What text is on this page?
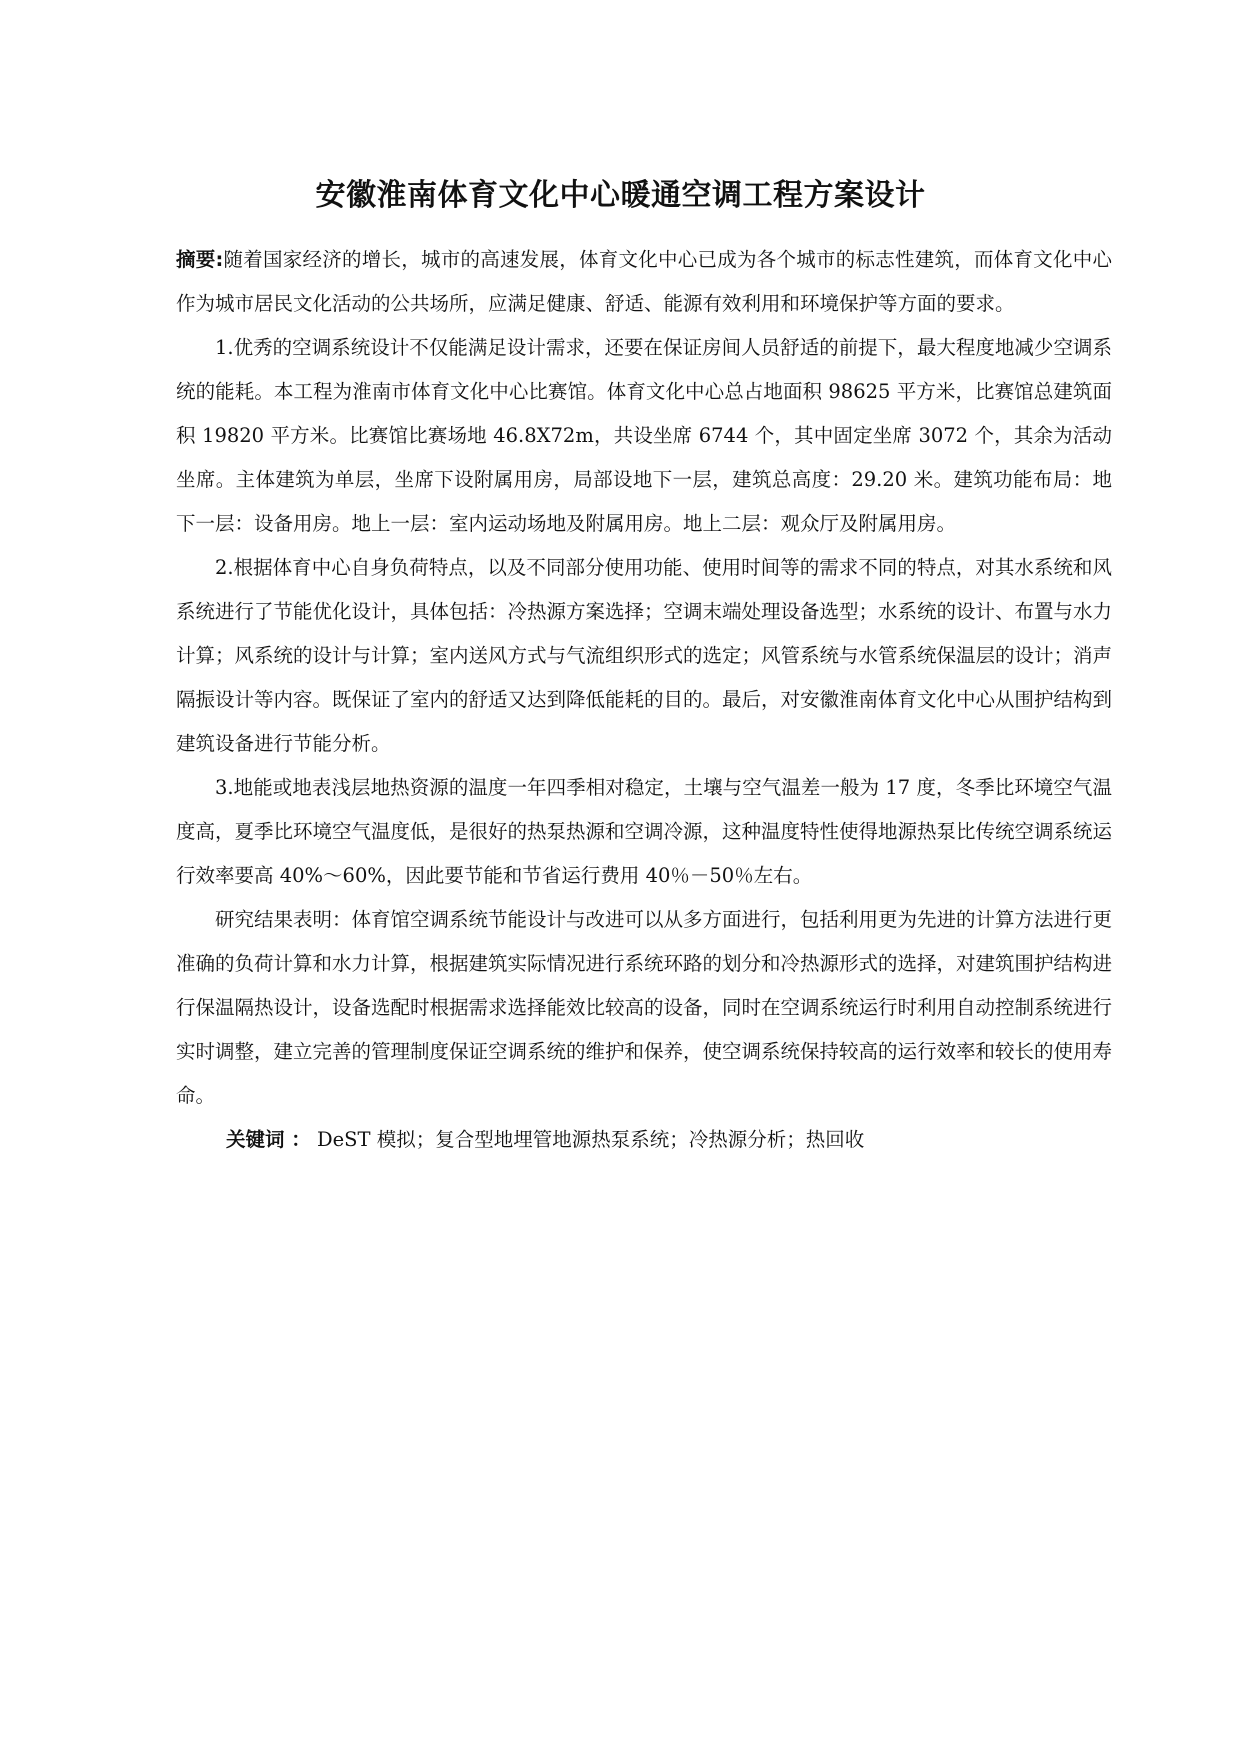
安徽淮南体育文化中心暖通空调工程方案设计

摘要:随着国家经济的增长，城市的高速发展，体育文化中心已成为各个城市的标志性建筑，而体育文化中心作为城市居民文化活动的公共场所，应满足健康、舒适、能源有效利用和环境保护等方面的要求。

1.优秀的空调系统设计不仅能满足设计需求，还要在保证房间人员舒适的前提下，最大程度地减少空调系统的能耗。本工程为淮南市体育文化中心比赛馆。体育文化中心总占地面积 98625 平方米，比赛馆总建筑面积 19820 平方米。比赛馆比赛场地 46.8X72m，共设坐席 6744 个，其中固定坐席 3072 个，其余为活动坐席。主体建筑为单层，坐席下设附属用房，局部设地下一层，建筑总高度：29.20 米。建筑功能布局：地下一层：设备用房。地上一层：室内运动场地及附属用房。地上二层：观众厅及附属用房。

2.根据体育中心自身负荷特点，以及不同部分使用功能、使用时间等的需求不同的特点，对其水系统和风系统进行了节能优化设计，具体包括：冷热源方案选择；空调末端处理设备选型；水系统的设计、布置与水力计算；风系统的设计与计算；室内送风方式与气流组织形式的选定；风管系统与水管系统保温层的设计；消声隔振设计等内容。既保证了室内的舒适又达到降低能耗的目的。最后，对安徽淮南体育文化中心从围护结构到建筑设备进行节能分析。

3.地能或地表浅层地热资源的温度一年四季相对稳定，土壤与空气温差一般为 17 度，冬季比环境空气温度高，夏季比环境空气温度低，是很好的热泵热源和空调冷源，这种温度特性使得地源热泵比传统空调系统运行效率要高 40%～60%，因此要节能和节省运行费用 40％－50％左右。

研究结果表明：体育馆空调系统节能设计与改进可以从多方面进行，包括利用更为先进的计算方法进行更准确的负荷计算和水力计算，根据建筑实际情况进行系统环路的划分和冷热源形式的选择，对建筑围护结构进行保温隔热设计，设备选配时根据需求选择能效比较高的设备，同时在空调系统运行时利用自动控制系统进行实时调整，建立完善的管理制度保证空调系统的维护和保养，使空调系统保持较高的运行效率和较长的使用寿命。

关键词 ： DeST 模拟；复合型地埋管地源热泵系统；冷热源分析；热回收
